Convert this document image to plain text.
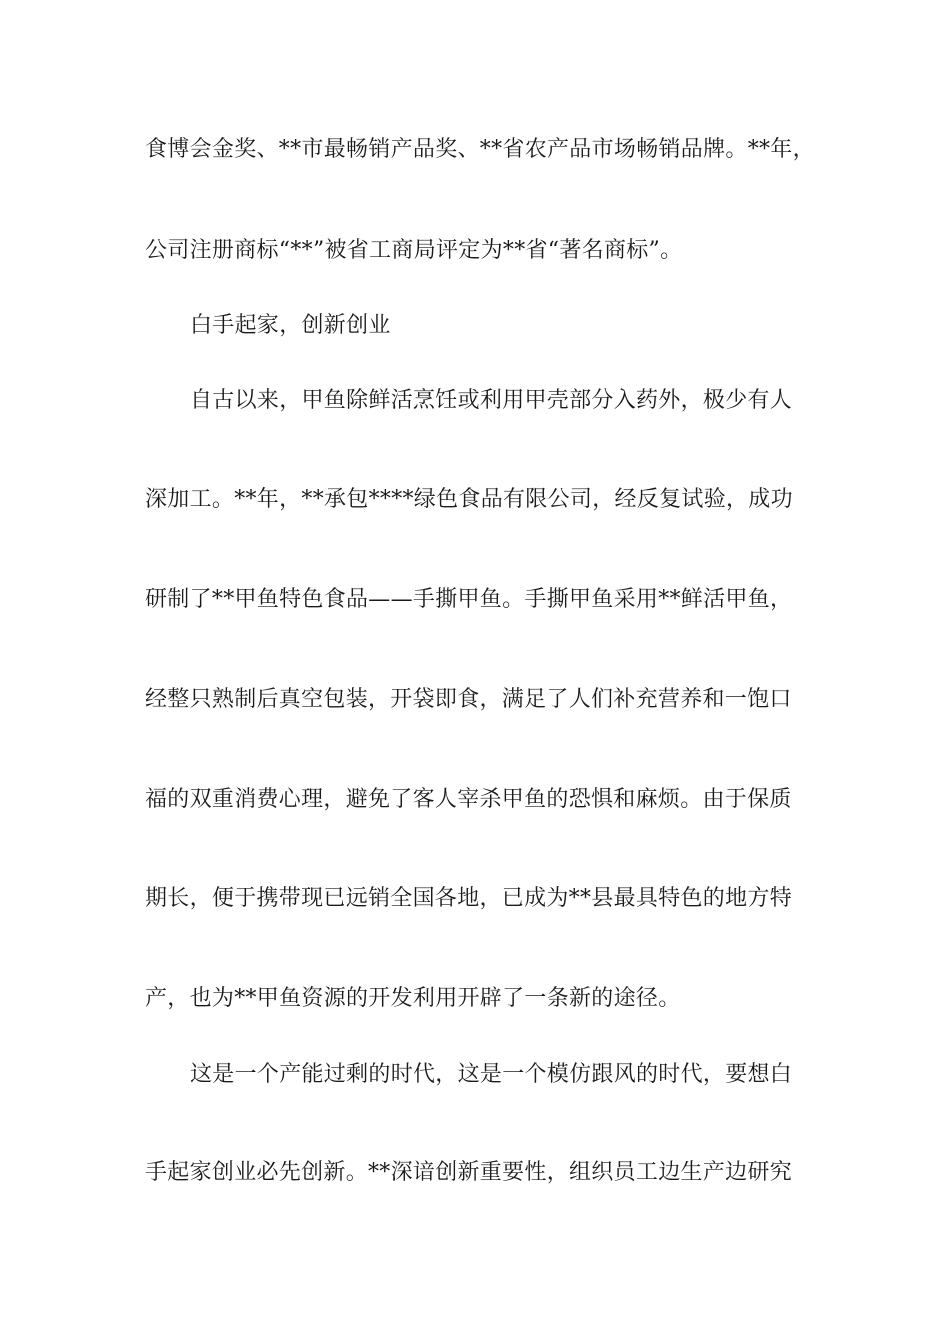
食博会金奖、**市最畅销产品奖、**省农产品市场畅销品牌。**年，
公司注册商标“**”被省工商局评定为**省“著名商标”。
白手起家，创新创业
自古以来，甲鱼除鲜活烹饪或利用甲壳部分入药外，极少有人
深加工。**年，**承包****绿色食品有限公司，经反复试验，成功
研制了**甲鱼特色食品——手撕甲鱼。手撕甲鱼采用**鲜活甲鱼，
经整只熟制后真空包装，开袋即食，满足了人们补充营养和一饱口
福的双重消费心理，避免了客人宰杀甲鱼的恐惧和麻烦。由于保质
期长，便于携带现已远销全国各地，已成为**县最具特色的地方特
产，也为**甲鱼资源的开发利用开辟了一条新的途径。
这是一个产能过剩的时代，这是一个模仿跟风的时代，要想白
手起家创业必先创新。**深谙创新重要性，组织员工边生产边研究
